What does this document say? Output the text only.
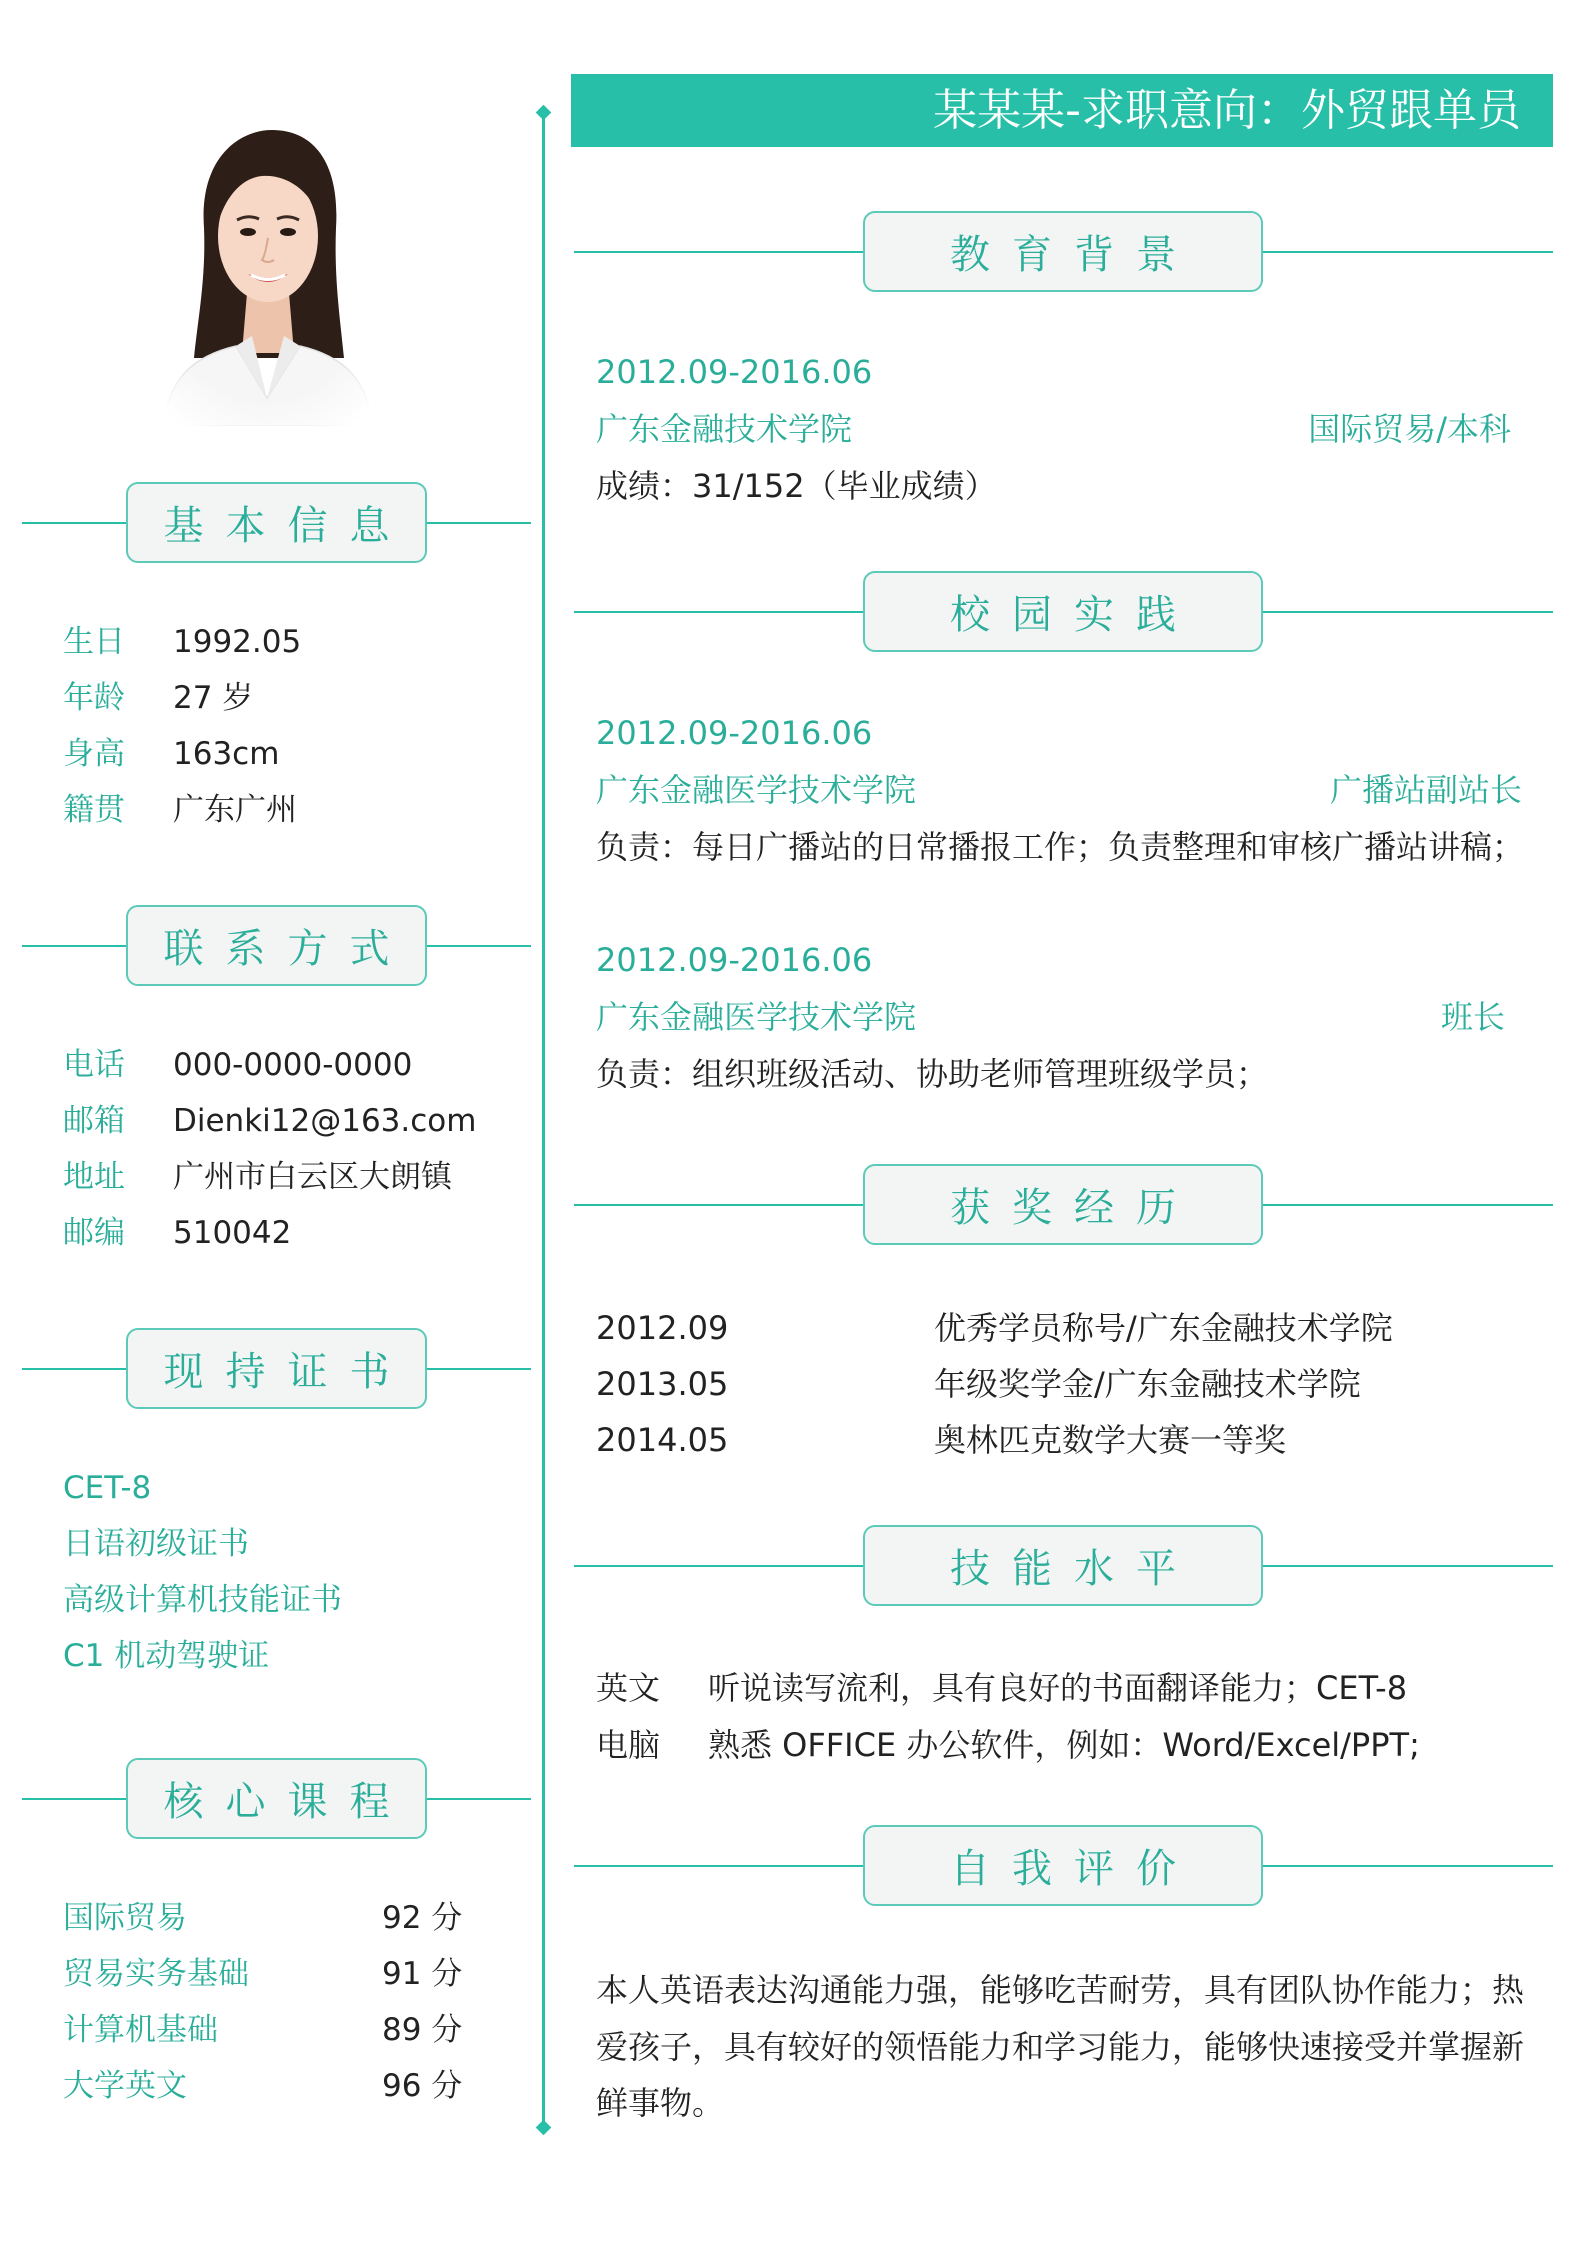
某某某-求职意向：外贸跟单员
基本信息
生日	1992.05
年龄	27 岁
身高	163cm
籍贯	广东广州
联系方式
电话	000-0000-0000
邮箱	Dienki12@163.com
地址	广州市白云区大朗镇
邮编	510042
现持证书
CET-8
日语初级证书
高级计算机技能证书
C1 机动驾驶证
核心课程
国际贸易	92 分
贸易实务基础	91 分
计算机基础	89 分
大学英文	96 分
教育背景
2012.09-2016.06
广东金融技术学院	国际贸易/本科
成绩：31/152（毕业成绩）
校园实践
2012.09-2016.06
广东金融医学技术学院	广播站副站长
负责：每日广播站的日常播报工作；负责整理和审核广播站讲稿；
2012.09-2016.06
广东金融医学技术学院	班长
负责：组织班级活动、协助老师管理班级学员；
获奖经历
2012.09	优秀学员称号/广东金融技术学院
2013.05	年级奖学金/广东金融技术学院
2014.05	奥林匹克数学大赛一等奖
技能水平
英文	听说读写流利，具有良好的书面翻译能力；CET-8
电脑	熟悉 OFFICE 办公软件，例如：Word/Excel/PPT;
自我评价
本人英语表达沟通能力强，能够吃苦耐劳，具有团队协作能力；热爱孩子，具有较好的领悟能力和学习能力，能够快速接受并掌握新鲜事物。
